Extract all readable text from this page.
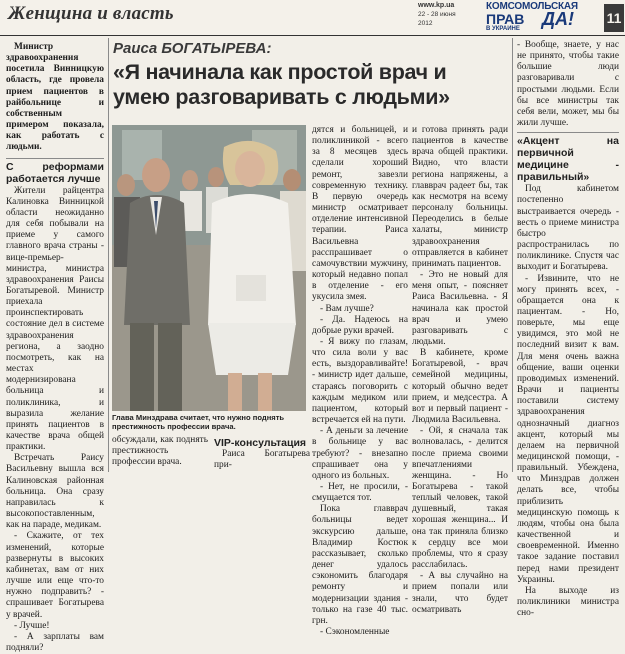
Женщина и власть	www.kp.ua
22 - 28 июня
2012
КОМСОМОЛЬСКАЯ
ПРАВ ДА!
В УКРАИНЕ
11
Раиса БОГАТЫРЕВА:
«Я начинала как простой врач и умею разговаривать с людьми»

Министр здравоохранения посетила Винницкую область, где провела прием пациентов в райбольнице и собственным примером показала, как работать с людьми.

С реформами работается лучше

Жители райцентра Калиновка Винницкой области неожиданно для себя побывали на приеме у самого главного врача страны - вице-премьер-министра, министра здравоохранения Раисы Богатыревой. Министр приехала проинспектировать состояние дел в системе здравоохранения региона, а заодно посмотреть, как на местах модернизирована больница и поликлиника, и выразила желание принять пациентов в качестве врача общей практики.

Встречать Раису Васильевну вышла вся Калиновская районная больница. Она сразу направилась к высокопоставленным, как на параде, медикам.

- Скажите, от тех изменений, которые развернуты в высоких кабинетах, вам от них лучше или еще что-то нужно подправить? - спрашивает Богатырева у врачей.

- Лучше!

- А зарплаты вам подняли?

Глава Минздрава считает, что нужно поднять престижность профессии врача.

обсуждали, как поднять престижность профессии врача.

VIP-консультация

Раиса Богатырева при-

дятся и больницей, и поликлиникой - всего за 8 месяцев здесь сделали хороший ремонт, завезли современную технику. В первую очередь министр осматривает отделение интенсивной терапии. Раиса Васильевна расспрашивает о самочувствии мужчину, который недавно попал в отделение - его укусила змея.

- Вам лучше?

- Да. Надеюсь на добрые руки врачей.

- Я вижу по глазам, что сила воли у вас есть, выздоравливайте! - министр идет дальше, стараясь поговорить с каждым медиком или пациентом, который встречается ей на пути.

- А деньги за лечение в больнице у вас требуют? - внезапно спрашивает она у одного из больных.

- Нет, не просили, - смущается тот.

Пока главврач больницы ведет экскурсию дальше, Владимир Костюк рассказывает, сколько денег удалось сэкономить благодаря ремонту и модернизации здания - только на газе 40 тыс. грн.

- Сэкономленные

и готова принять ради пациентов в качестве врача общей практики. Видно, что власти региона напряжены, а главврач радеет бы, так как несмотря на всему персоналу больницы. Переоделись в белые халаты, министр здравоохранения отправляется в кабинет принимать пациентов.

- Это не новый для меня опыт, - поясняет Раиса Васильевна. - Я начинала как простой врач и умею разговаривать с людьми.

В кабинете, кроме Богатыревой, - врач семейной медицины, который обычно ведет прием, и медсестра. А вот и первый пациент - Людмила Васильевна.

- Ой, я сначала так волновалась, - делится после приема своими впечатлениями женщина. - Но Богатырева - такой теплый человек, такой душевный, такая хорошая женщина... И она так приняла близко к сердцу все мои проблемы, что я сразу расслабилась.

- А вы случайно на прием попали или знали, что будет осматривать

- Вообще, знаете, у нас не принято, чтобы такие большие люди разговаривали с простыми людьми. Если бы все министры так себя вели, может, мы бы жили лучше.

«Акцент на первичной медицине - правильный»

Под кабинетом постепенно выстраивается очередь - весть о приеме министра быстро распространилась по поликлинике. Спустя час выходит и Богатырева.

- Извините, что не могу принять всех, - обращается она к пациентам. - Но, поверьте, мы еще увидимся, это мой не последний визит к вам. Для меня очень важна общение, ваши оценки проводимых изменений. Врачи и пациенты поставили систему здравоохранения однозначный диагноз акцент, который мы делаем на первичной медицинской помощи, - правильный. Убеждена, что Минздрав должен делать все, чтобы приблизить медицинскую помощь к людям, чтобы она была качественной и своевременной. Именно такое задание поставил перед нами президент Украины.

На выходе из поликлиники министра сно-
